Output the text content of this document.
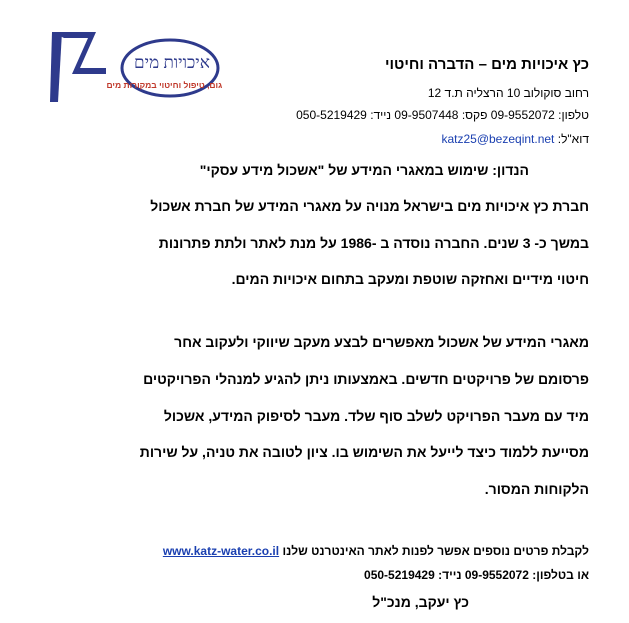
איכויות מים
דיגום, טיפול וחיטוי במקורות מים
כץ איכויות מים – הדברה וחיטוי
רחוב סוקולוב 10 הרצליה ת.ד 12
טלפון: 09-9552072 פקס: 09-9507448 נייד: 050-5219429
דוא"ל: katz25@bezeqint.net
הנדון: שימוש במאגרי המידע של "אשכול מידע עסקי"
חברת כץ איכויות מים בישראל מנויה על מאגרי המידע של חברת אשכול
במשך כ- 3 שנים. החברה נוסדה ב -1986 על מנת לאתר ולתת פתרונות
חיטוי מידיים ואחזקה שוטפת ומעקב בתחום איכויות המים.
מאגרי המידע של אשכול מאפשרים לבצע מעקב שיווקי ולעקוב אחר
פרסומם של פרויקטים חדשים. באמצעותו ניתן להגיע למנהלי הפרויקטים
מיד עם מעבר הפרויקט לשלב סוף שלד. מעבר לסיפוק המידע, אשכול
מסייעת ללמוד כיצד לייעל את השימוש בו. ציון לטובה את טניה, על שירות
הלקוחות המסור.
לקבלת פרטים נוספים אפשר לפנות לאתר האינטרנט שלנו www.katz-water.co.il
או בטלפון: 09-9552072 נייד: 050-5219429
כץ יעקב, מנכ"ל
